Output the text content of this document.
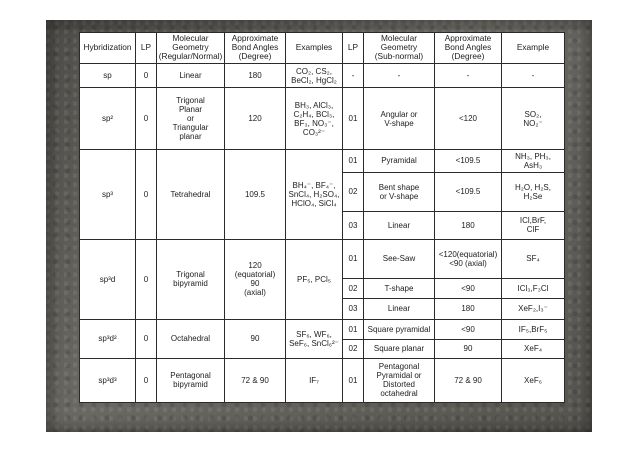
Hybridization	LP	Molecular
Geometry
(Regular/Normal)	Approximate
Bond Angles
(Degree)	Examples	LP	Molecular
Geometry
(Sub-normal)	Approximate
Bond Angles
(Degree)	Example

sp	0	Linear	180	CO₂, CS₂,
BeCl₂, HgCl₂	-	-	-	-

sp²	0	Trigonal
Planar
or
Triangular
planar	120	BH₃, AlCl₃,
C₂H₄, BCl₃,
BF₃, NO₃⁻,
CO₃²⁻	01	Angular or
V-shape	<120	SO₂,
NO₂⁻

sp³	0	Tetrahedral	109.5	BH₄⁻, BF₄⁻,
SnCl₄, H₂SO₄,
HClO₄, SiCl₄	01	Pyramidal	<109.5	NH₃, PH₃,
AsH₃

					02	Bent shape
or V-shape	<109.5	H₂O, H₂S,
H₂Se

					03	Linear	180	ICl,BrF,
ClF

sp³d	0	Trigonal
bipyramid	120
(equatorial)
90
(axial)	PF₅, PCl₅	01	See-Saw	<120(equatorial)
<90 (axial)	SF₄

					02	T-shape	<90	ICl₃,F₃Cl

					03	Linear	180	XeF₂,I₃⁻

sp³d²	0	Octahedral	90	SF₆, WF₆,
SeF₆, SnCl₆²⁻	01	Square pyramidal	<90	IF₅,BrF₅

					02	Square planar	90	XeF₄

sp³d³	0	Pentagonal
bipyramid	72 & 90	IF₇	01	Pentagonal
Pyramidal or
Distorted
octahedral	72 & 90	XeF₆
